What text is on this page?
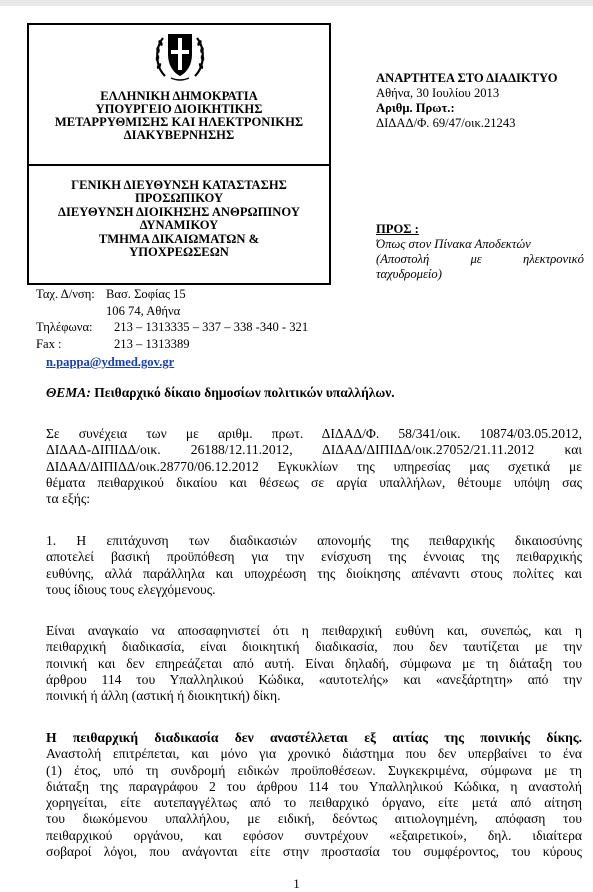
ΕΛΛΗΝΙΚΗ ΔΗΜΟΚΡΑΤΙΑ
ΥΠΟΥΡΓΕΙΟ ΔΙΟΙΚΗΤΙΚΗΣ
ΜΕΤΑΡΡΥΘΜΙΣΗΣ ΚΑΙ ΗΛΕΚΤΡΟΝΙΚΗΣ
ΔΙΑΚΥΒΕΡΝΗΣΗΣ
ΓΕΝΙΚΗ ΔΙΕΥΘΥΝΣΗ ΚΑΤΑΣΤΑΣΗΣ
ΠΡΟΣΩΠΙΚΟΥ
ΔΙΕΥΘΥΝΣΗ ΔΙΟΙΚΗΣΗΣ ΑΝΘΡΩΠΙΝΟΥ
ΔΥΝΑΜΙΚΟΥ
ΤΜΗΜΑ ΔΙΚΑΙΩΜΑΤΩΝ &
ΥΠΟΧΡΕΩΣΕΩΝ
ΑΝΑΡΤΗΤΕΑ ΣΤΟ ΔΙΑΔΙΚΤΥΟ
Αθήνα, 30 Ιουλίου 2013
Αριθμ. Πρωτ.:
ΔΙΔΑΔ/Φ. 69/47/οικ.21243
ΠΡΟΣ :
Όπως στον Πίνακα Αποδεκτών
(Αποστολή	με	ηλεκτρονικό
ταχυδρομείο)
Ταχ. Δ/νση: Βασ. Σοφίας 15
106 74, Αθήνα
Τηλέφωνα: 213 – 1313335 – 337 – 338 -340 - 321
Fax :	213 – 1313389
n.pappa@ydmed.gov.gr
ΘΕΜΑ: Πειθαρχικό δίκαιο δημοσίων πολιτικών υπαλλήλων.
Σε συνέχεια των με αριθμ. πρωτ. ΔΙΔΑΔ/Φ. 58/341/οικ. 10874/03.05.2012,
ΔΙΔΑΔ-ΔΙΠΙΔΔ/οικ. 26188/12.11.2012, ΔΙΔΑΔ/ΔΙΠΙΔΔ/οικ.27052/21.11.2012 και
ΔΙΔΑΔ/ΔΙΠΙΔΔ/οικ.28770/06.12.2012 Εγκυκλίων της υπηρεσίας μας σχετικά με
θέματα πειθαρχικού δικαίου και θέσεως σε αργία υπαλλήλων, θέτουμε υπόψη σας
τα εξής:
1. Η επιτάχυνση των διαδικασιών απονομής της πειθαρχικής δικαιοσύνης
αποτελεί βασική προϋπόθεση για την ενίσχυση της έννοιας της πειθαρχικής
ευθύνης, αλλά παράλληλα και υποχρέωση της διοίκησης απέναντι στους πολίτες και
τους ίδιους τους ελεγχόμενους.
Είναι αναγκαίο να αποσαφηνιστεί ότι η πειθαρχική ευθύνη και, συνεπώς, και η
πειθαρχική διαδικασία, είναι διοικητική διαδικασία, που δεν ταυτίζεται με την
ποινική και δεν επηρεάζεται από αυτή. Είναι δηλαδή, σύμφωνα με τη διάταξη του
άρθρου 114 του Υπαλληλικού Κώδικα, «αυτοτελής» και «ανεξάρτητη» από την
ποινική ή άλλη (αστική ή διοικητική) δίκη.
Η πειθαρχική διαδικασία δεν αναστέλλεται εξ αιτίας της ποινικής δίκης.
Αναστολή επιτρέπεται, και μόνο για χρονικό διάστημα που δεν υπερβαίνει το ένα
(1) έτος, υπό τη συνδρομή ειδικών προϋποθέσεων. Συγκεκριμένα, σύμφωνα με τη
διάταξη της παραγράφου 2 του άρθρου 114 του Υπαλληλικού Κώδικα, η αναστολή
χορηγείται, είτε αυτεπαγγέλτως από το πειθαρχικό όργανο, είτε μετά από αίτηση
του διωκόμενου υπαλλήλου, με ειδική, δεόντως αιτιολογημένη, απόφαση του
πειθαρχικού οργάνου, και εφόσον συντρέχουν «εξαιρετικοί», δηλ. ιδιαίτερα
σοβαροί λόγοι, που ανάγονται είτε στην προστασία του συμφέροντος, του κύρους
1
